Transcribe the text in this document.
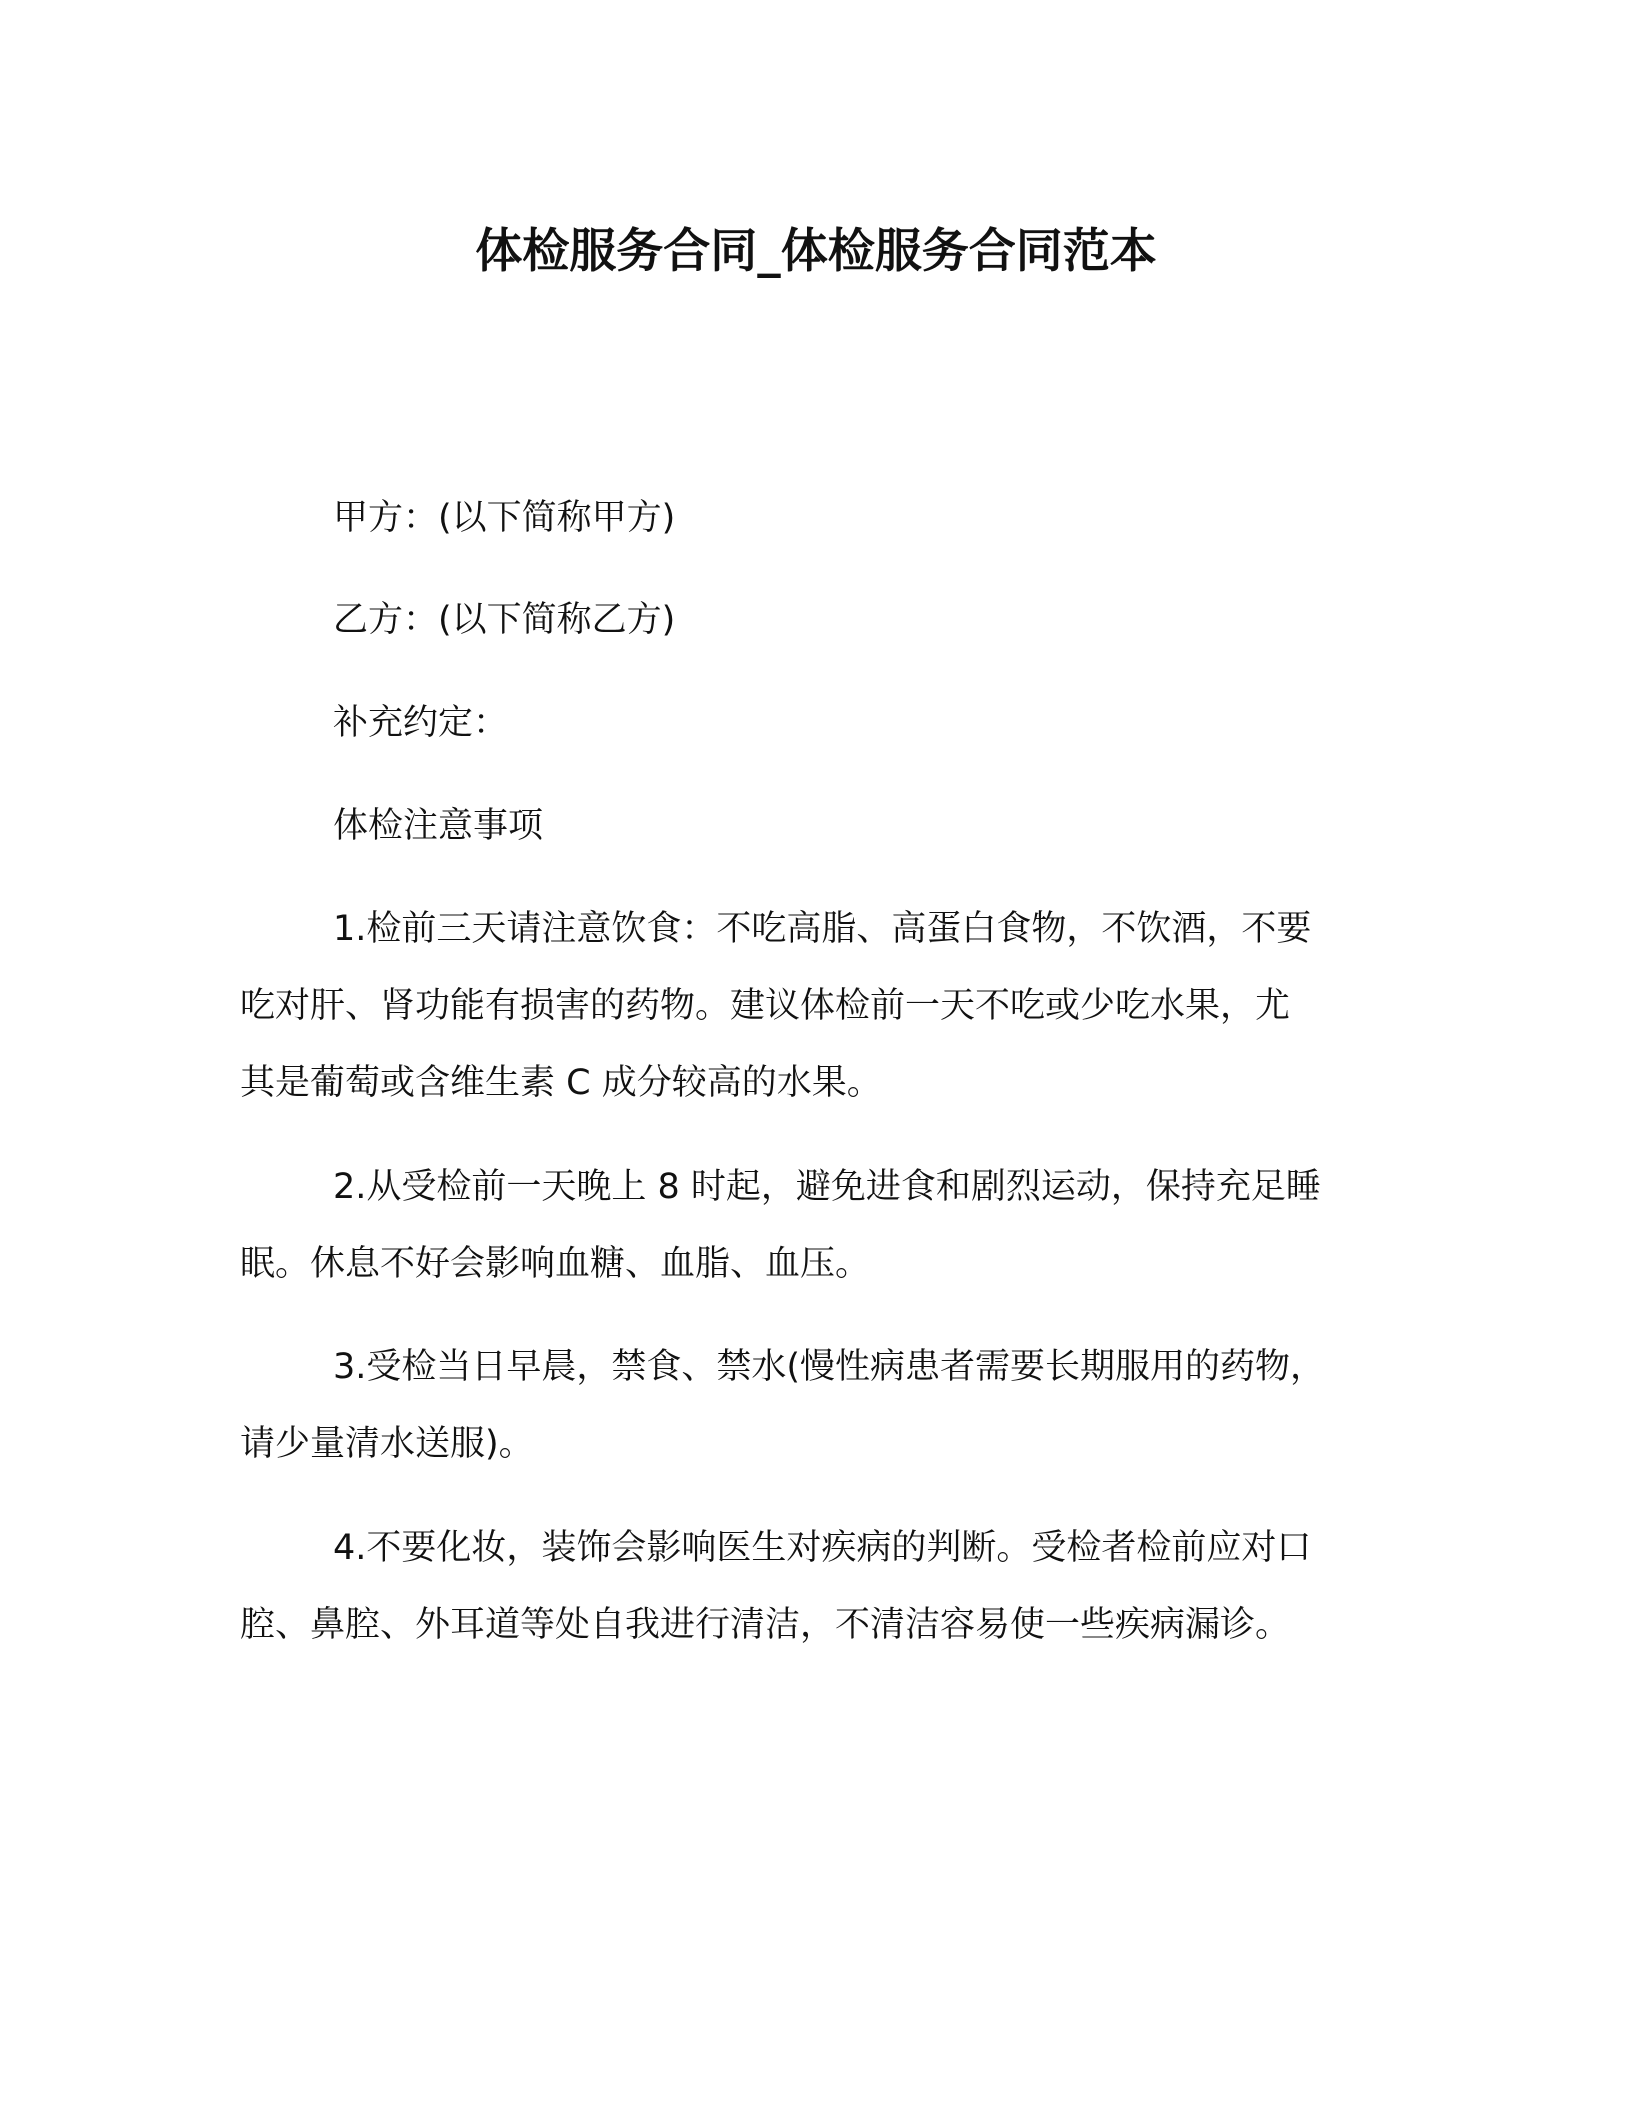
体检服务合同_体检服务合同范本
甲方：(以下简称甲方)
乙方：(以下简称乙方)
补充约定：
体检注意事项
1.检前三天请注意饮食：不吃高脂、高蛋白食物，不饮酒，不要
吃对肝、肾功能有损害的药物。建议体检前一天不吃或少吃水果，尤
其是葡萄或含维生素 C 成分较高的水果。
2.从受检前一天晚上 8 时起，避免进食和剧烈运动，保持充足睡
眠。休息不好会影响血糖、血脂、血压。
3.受检当日早晨，禁食、禁水(慢性病患者需要长期服用的药物，
请少量清水送服)。
4.不要化妆，装饰会影响医生对疾病的判断。受检者检前应对口
腔、鼻腔、外耳道等处自我进行清洁，不清洁容易使一些疾病漏诊。
